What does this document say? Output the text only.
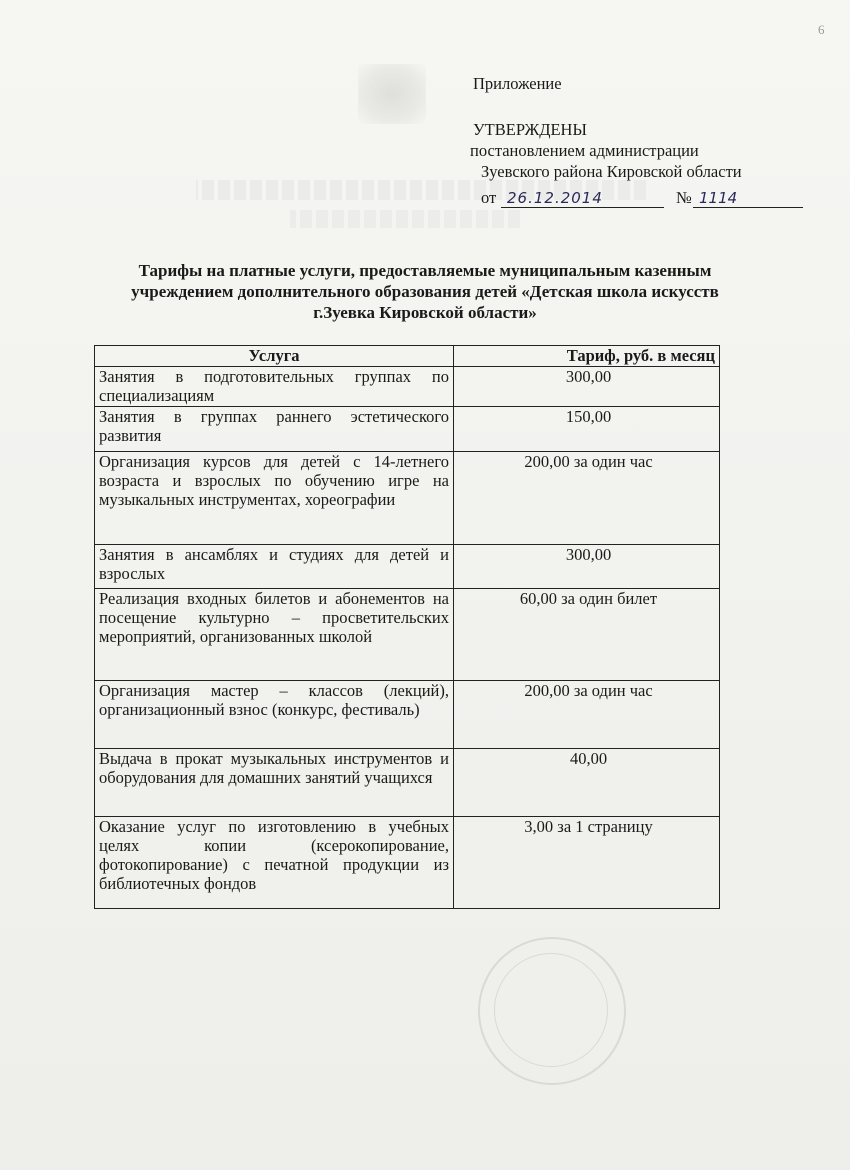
6
Приложение
УТВЕРЖДЕНЫ
постановлением администрации
Зуевского района Кировской области
от 26.12.2014	№ 1114
Тарифы на платные услуги, предоставляемые муниципальным казенным
учреждением дополнительного образования детей «Детская школа искусств
г.Зуевка Кировской области»
Услуга	Тариф, руб. в месяц
Занятия в подготовительных группах по специализациям	300,00
Занятия в группах раннего эстетического развития	150,00
Организация курсов для детей с 14-летнего возраста и взрослых по обучению игре на музыкальных инструментах, хореографии	200,00 за один час
Занятия в ансамблях и студиях для детей и взрослых	300,00
Реализация входных билетов и абонементов на посещение культурно – просветительских мероприятий, организованных школой	60,00 за один билет
Организация мастер – классов (лекций), организационный взнос (конкурс, фестиваль)	200,00 за один час
Выдача в прокат музыкальных инструментов и оборудования для домашних занятий учащихся	40,00
Оказание услуг по изготовлению в учебных целях копии (ксерокопирование, фотокопирование) с печатной продукции из библиотечных фондов	3,00 за 1 страницу
